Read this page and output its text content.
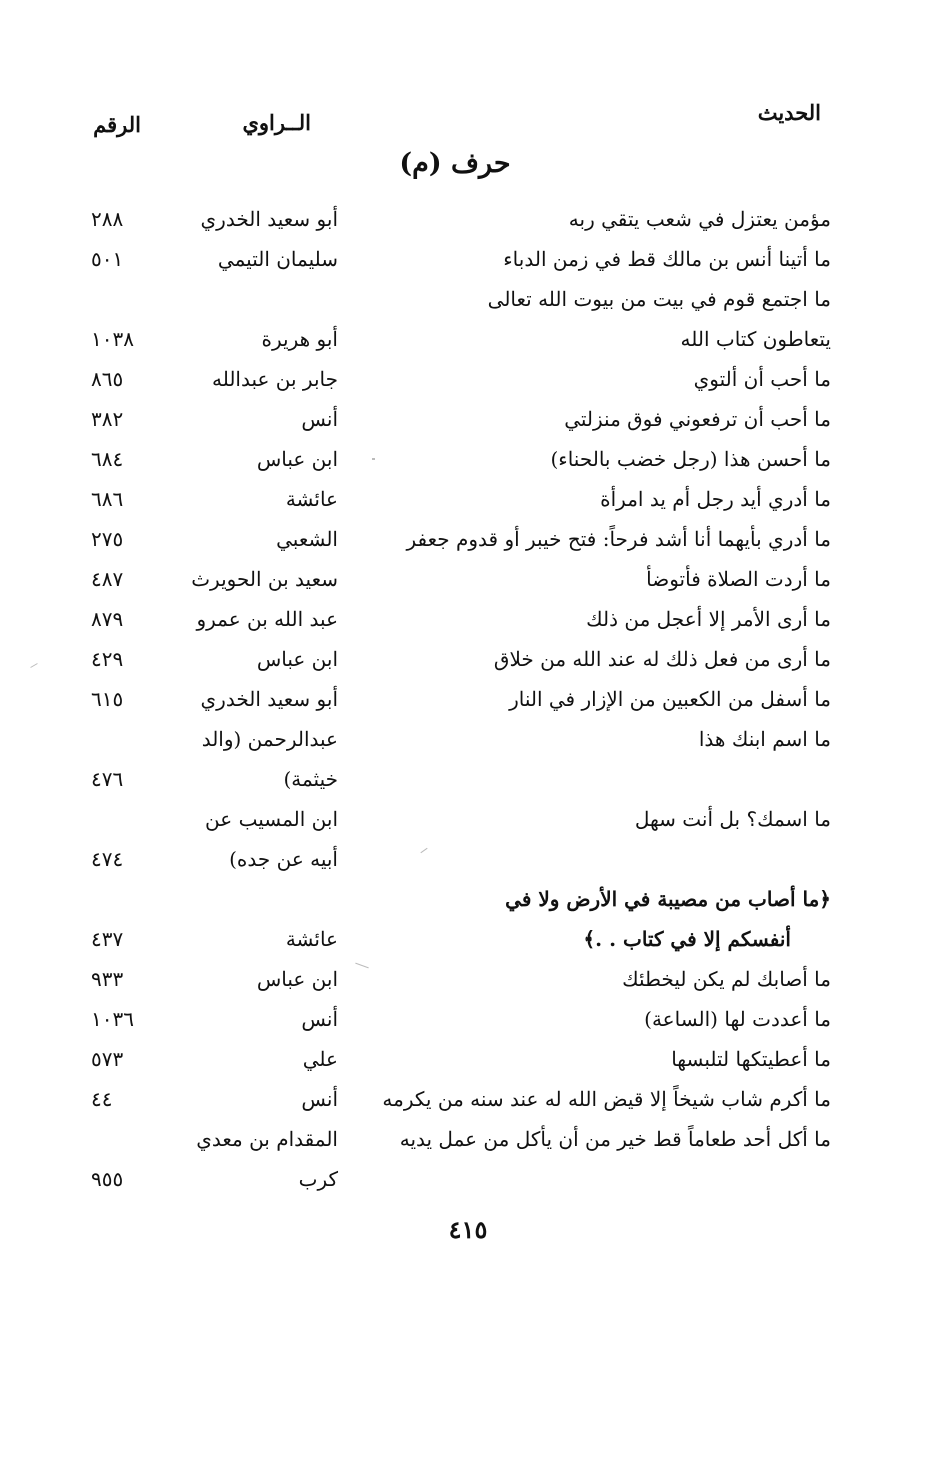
الحديث
الــراوي
الرقم
حرف (م)
مؤمن يعتزل في شعب يتقي ربه
أبو سعيد الخدري
٢٨٨
ما أتينا أنس بن مالك قط في زمن الدباء
سليمان التيمي
٥٠١
ما اجتمع قوم في بيت من بيوت الله تعالى
يتعاطون كتاب الله
أبو هريرة
١٠٣٨
ما أحب أن ألتوي
جابر بن عبدالله
٨٦٥
ما أحب أن ترفعوني فوق منزلتي
أنس
٣٨٢
ما أحسن هذا (رجل خضب بالحناء)
ابن عباس
٦٨٤
ما أدري أيد رجل أم يد امرأة
عائشة
٦٨٦
ما أدري بأيهما أنا أشد فرحاً: فتح خيبر أو قدوم جعفر
الشعبي
٢٧٥
ما أردت الصلاة فأتوضأ
سعيد بن الحويرث
٤٨٧
ما أرى الأمر إلا أعجل من ذلك
عبد الله بن عمرو
٨٧٩
ما أرى من فعل ذلك له عند الله من خلاق
ابن عباس
٤٢٩
ما أسفل من الكعبين من الإزار في النار
أبو سعيد الخدري
٦١٥
ما اسم ابنك هذا
عبدالرحمن (والد
خيثمة)
٤٧٦
ما اسمك؟ بل أنت سهل
ابن المسيب عن
أبيه عن جده)
٤٧٤
﴿ما أصاب من مصيبة في الأرض ولا في
أنفسكم إلا في كتاب . .﴾
عائشة
٤٣٧
ما أصابك لم يكن ليخطئك
ابن عباس
٩٣٣
ما أعددت لها (الساعة)
أنس
١٠٣٦
ما أعطيتكها لتلبسها
علي
٥٧٣
ما أكرم شاب شيخاً إلا قيض الله له عند سنه من يكرمه
أنس
٤٤
ما أكل أحد طعاماً قط خير من أن يأكل من عمل يديه
المقدام بن معدي
كرب
٩٥٥
٤١٥
